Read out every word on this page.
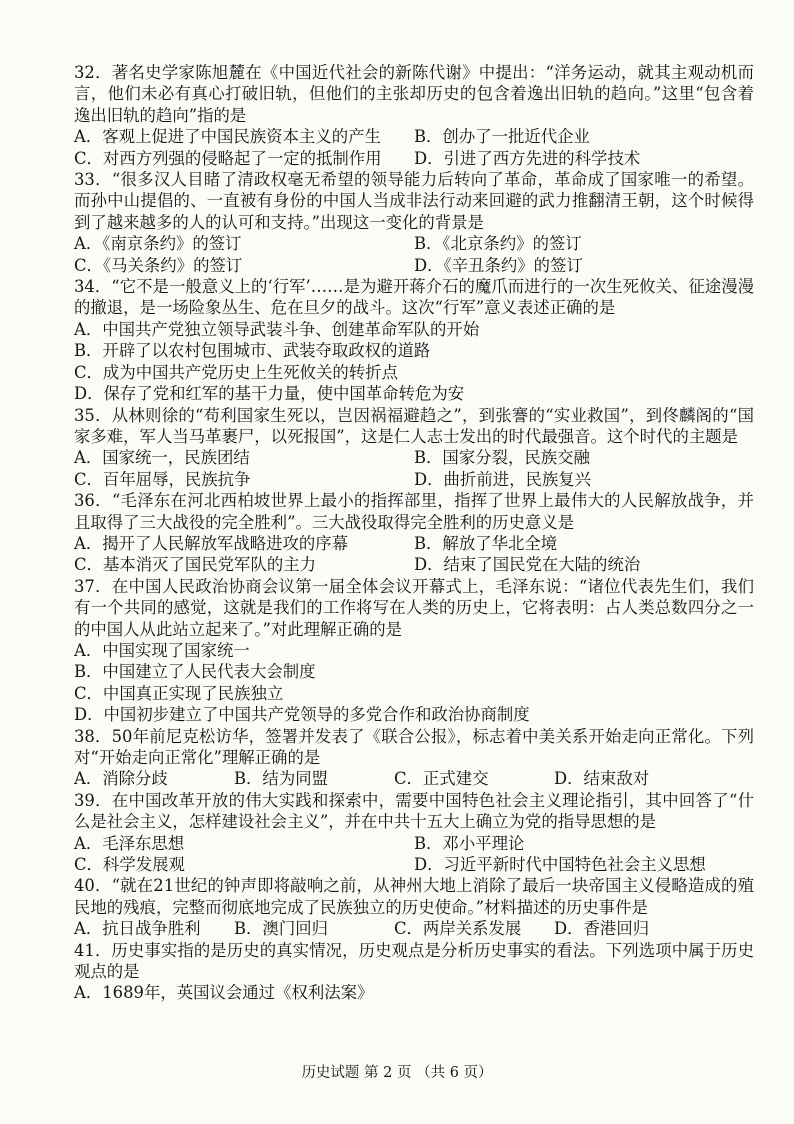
32．著名史学家陈旭麓在《中国近代社会的新陈代谢》中提出：“洋务运动，就其主观动机而言，他们未必有真心打破旧轨，但他们的主张却历史的包含着逸出旧轨的趋向。”这里“包含着逸出旧轨的趋向”指的是

A．客观上促进了中国民族资本主义的产生	B．创办了一批近代企业
C．对西方列强的侵略起了一定的抵制作用	D．引进了西方先进的科学技术

33．“很多汉人目睹了清政权毫无希望的领导能力后转向了革命，革命成了国家唯一的希望。而孙中山提倡的、一直被有身份的中国人当成非法行动来回避的武力推翻清王朝，这个时候得到了越来越多的人的认可和支持。”出现这一变化的背景是

A．《南京条约》的签订	B．《北京条约》的签订
C．《马关条约》的签订	D．《辛丑条约》的签订

34．“它不是一般意义上的‘行军’……是为避开蒋介石的魔爪而进行的一次生死攸关、征途漫漫的撤退，是一场险象丛生、危在旦夕的战斗。这次“行军”意义表述正确的是

A．中国共产党独立领导武装斗争、创建革命军队的开始
B．开辟了以农村包围城市、武装夺取政权的道路
C．成为中国共产党历史上生死攸关的转折点
D．保存了党和红军的基干力量，使中国革命转危为安

35．从林则徐的“苟利国家生死以，岂因祸福避趋之”，到张謇的“实业救国”，到佟麟阁的“国家多难，军人当马革裹尸，以死报国”，这是仁人志士发出的时代最强音。这个时代的主题是

A．国家统一，民族团结	B．国家分裂，民族交融
C．百年屈辱，民族抗争	D．曲折前进，民族复兴

36．“毛泽东在河北西柏坡世界上最小的指挥部里，指挥了世界上最伟大的人民解放战争，并且取得了三大战役的完全胜利”。三大战役取得完全胜利的历史意义是

A．揭开了人民解放军战略进攻的序幕	B．解放了华北全境
C．基本消灭了国民党军队的主力	D．结束了国民党在大陆的统治

37．在中国人民政治协商会议第一届全体会议开幕式上，毛泽东说：“诸位代表先生们，我们有一个共同的感觉，这就是我们的工作将写在人类的历史上，它将表明：占人类总数四分之一的中国人从此站立起来了。”对此理解正确的是

A．中国实现了国家统一
B．中国建立了人民代表大会制度
C．中国真正实现了民族独立
D．中国初步建立了中国共产党领导的多党合作和政治协商制度

38．50年前尼克松访华，签署并发表了《联合公报》，标志着中美关系开始走向正常化。下列对“开始走向正常化”理解正确的是

A．消除分歧	B．结为同盟	C．正式建交	D．结束敌对

39．在中国改革开放的伟大实践和探索中，需要中国特色社会主义理论指引，其中回答了“什么是社会主义，怎样建设社会主义”，并在中共十五大上确立为党的指导思想的是

A．毛泽东思想	B．邓小平理论
C．科学发展观	D．习近平新时代中国特色社会主义思想

40．“就在21世纪的钟声即将敲响之前，从神州大地上消除了最后一块帝国主义侵略造成的殖民地的残痕，完整而彻底地完成了民族独立的历史使命。”材料描述的历史事件是

A．抗日战争胜利	B．澳门回归	C．两岸关系发展	D．香港回归

41．历史事实指的是历史的真实情况，历史观点是分析历史事实的看法。下列选项中属于历史观点的是

A．1689年，英国议会通过《权利法案》
历史试题 第 2 页 （共 6 页）
